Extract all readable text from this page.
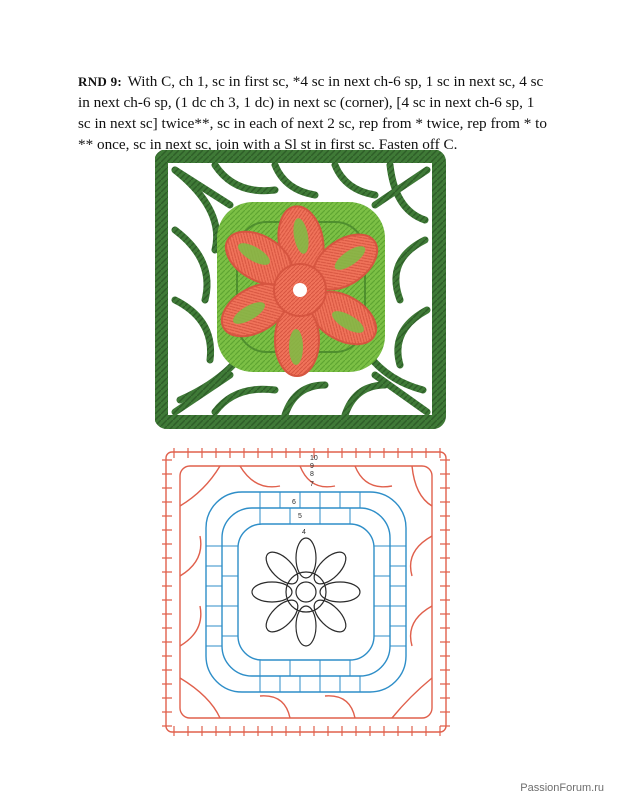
RND 9: With C, ch 1, sc in first sc, *4 sc in next ch-6 sp, 1 sc in next sc, 4 sc in next ch-6 sp, (1 dc ch 3, 1 dc) in next sc (corner), [4 sc in next ch-6 sp, 1 sc in next sc] twice**, sc in each of next 2 sc, rep from * twice, rep from * to ** once, sc in next sc, join with a Sl st in first sc. Fasten off C.

10
9
8
7
6
5
4
PassionForum.ru
